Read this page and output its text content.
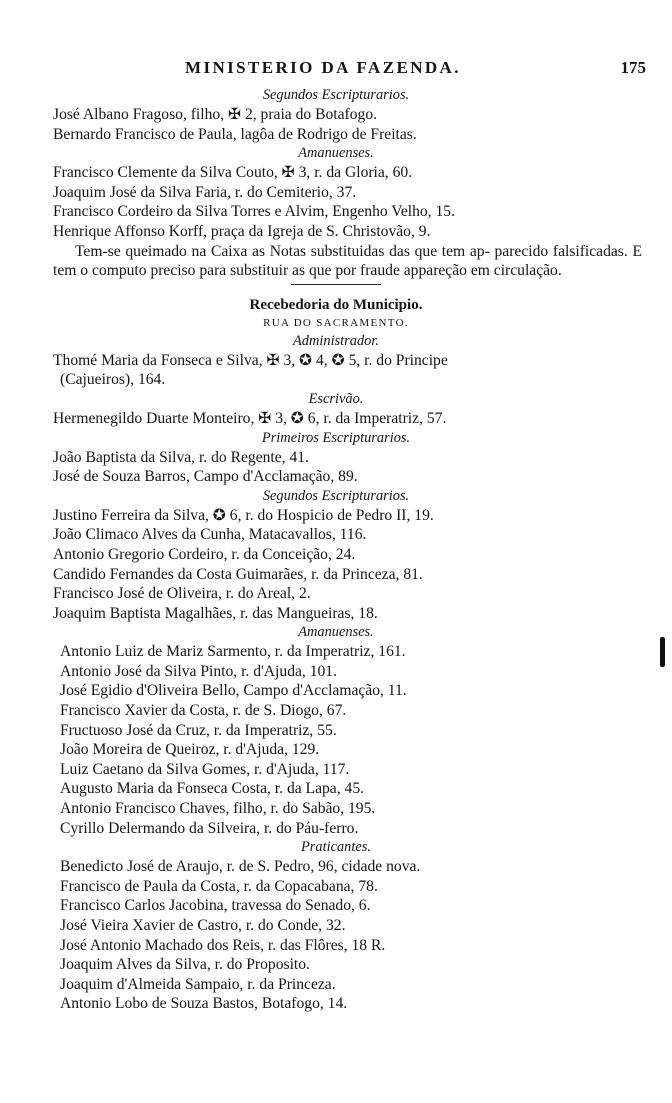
MINISTERIO DA FAZENDA.	175
Segundos Escripturarios.
José Albano Fragoso, filho, ✠ 2, praia do Botafogo.
Bernardo Francisco de Paula, lagôa de Rodrigo de Freitas.
Amanuenses.
Francisco Clemente da Silva Couto, ✠ 3, r. da Gloria, 60.
Joaquim José da Silva Faria, r. do Cemiterio, 37.
Francisco Cordeiro da Silva Torres e Alvim, Engenho Velho, 15.
Henrique Affonso Korff, praça da Igreja de S. Christovão, 9.
Tem-se queimado na Caixa as Notas substituidas das que tem ap- parecido falsificadas. E tem o computo preciso para substituir as que por fraude appareção em circulação.
Recebedoria do Municipio.
RUA DO SACRAMENTO.
Administrador.
Thomé Maria da Fonseca e Silva, ✠ 3, ✪ 4, ✪ 5, r. do Principe
(Cajueiros), 164.
Escrivão.
Hermenegildo Duarte Monteiro, ✠ 3, ✪ 6, r. da Imperatriz, 57.
Primeiros Escripturarios.
João Baptista da Silva, r. do Regente, 41.
José de Souza Barros, Campo d'Acclamação, 89.
Segundos Escripturarios.
Justino Ferreira da Silva, ✪ 6, r. do Hospicio de Pedro II, 19.
João Climaco Alves da Cunha, Matacavallos, 116.
Antonio Gregorio Cordeiro, r. da Conceição, 24.
Candido Fernandes da Costa Guimarães, r. da Princeza, 81.
Francisco José de Oliveira, r. do Areal, 2.
Joaquim Baptista Magalhães, r. das Mangueiras, 18.
Amanuenses.
Antonio Luiz de Mariz Sarmento, r. da Imperatriz, 161.
Antonio José da Silva Pinto, r. d'Ajuda, 101.
José Egidio d'Oliveira Bello, Campo d'Acclamação, 11.
Francisco Xavier da Costa, r. de S. Diogo, 67.
Fructuoso José da Cruz, r. da Imperatriz, 55.
João Moreira de Queiroz, r. d'Ajuda, 129.
Luiz Caetano da Silva Gomes, r. d'Ajuda, 117.
Augusto Maria da Fonseca Costa, r. da Lapa, 45.
Antonio Francisco Chaves, filho, r. do Sabão, 195.
Cyrillo Delermando da Silveira, r. do Páu-ferro.
Praticantes.
Benedicto José de Araujo, r. de S. Pedro, 96, cidade nova.
Francisco de Paula da Costa, r. da Copacabana, 78.
Francisco Carlos Jacobina, travessa do Senado, 6.
José Vieira Xavier de Castro, r. do Conde, 32.
José Antonio Machado dos Reis, r. das Flôres, 18 R.
Joaquim Alves da Silva, r. do Proposito.
Joaquim d'Almeida Sampaio, r. da Princeza.
Antonio Lobo de Souza Bastos, Botafogo, 14.
